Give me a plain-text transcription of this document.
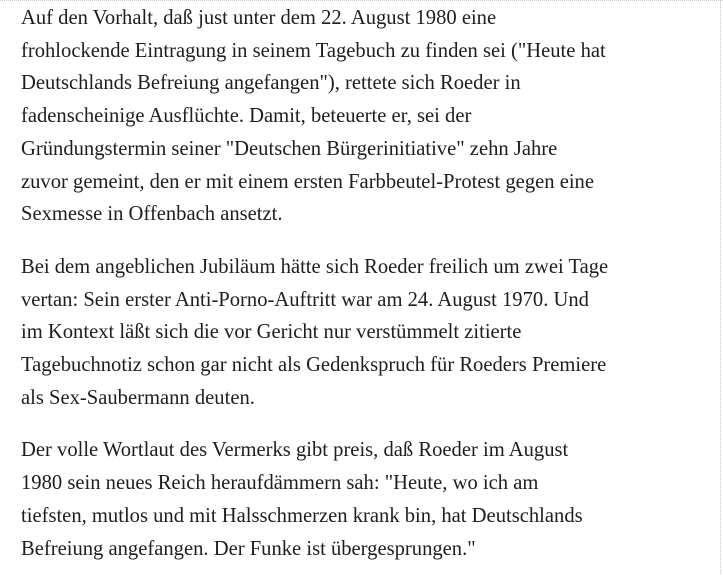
Auf den Vorhalt, daß just unter dem 22. August 1980 eine
frohlockende Eintragung in seinem Tagebuch zu finden sei ("Heute hat
Deutschlands Befreiung angefangen"), rettete sich Roeder in
fadenscheinige Ausflüchte. Damit, beteuerte er, sei der
Gründungstermin seiner "Deutschen Bürgerinitiative" zehn Jahre
zuvor gemeint, den er mit einem ersten Farbbeutel-Protest gegen eine
Sexmesse in Offenbach ansetzt.

Bei dem angeblichen Jubiläum hätte sich Roeder freilich um zwei Tage
vertan: Sein erster Anti-Porno-Auftritt war am 24. August 1970. Und
im Kontext läßt sich die vor Gericht nur verstümmelt zitierte
Tagebuchnotiz schon gar nicht als Gedenkspruch für Roeders Premiere
als Sex-Saubermann deuten.

Der volle Wortlaut des Vermerks gibt preis, daß Roeder im August
1980 sein neues Reich heraufdämmern sah: "Heute, wo ich am
tiefsten, mutlos und mit Halsschmerzen krank bin, hat Deutschlands
Befreiung angefangen. Der Funke ist übergesprungen."
